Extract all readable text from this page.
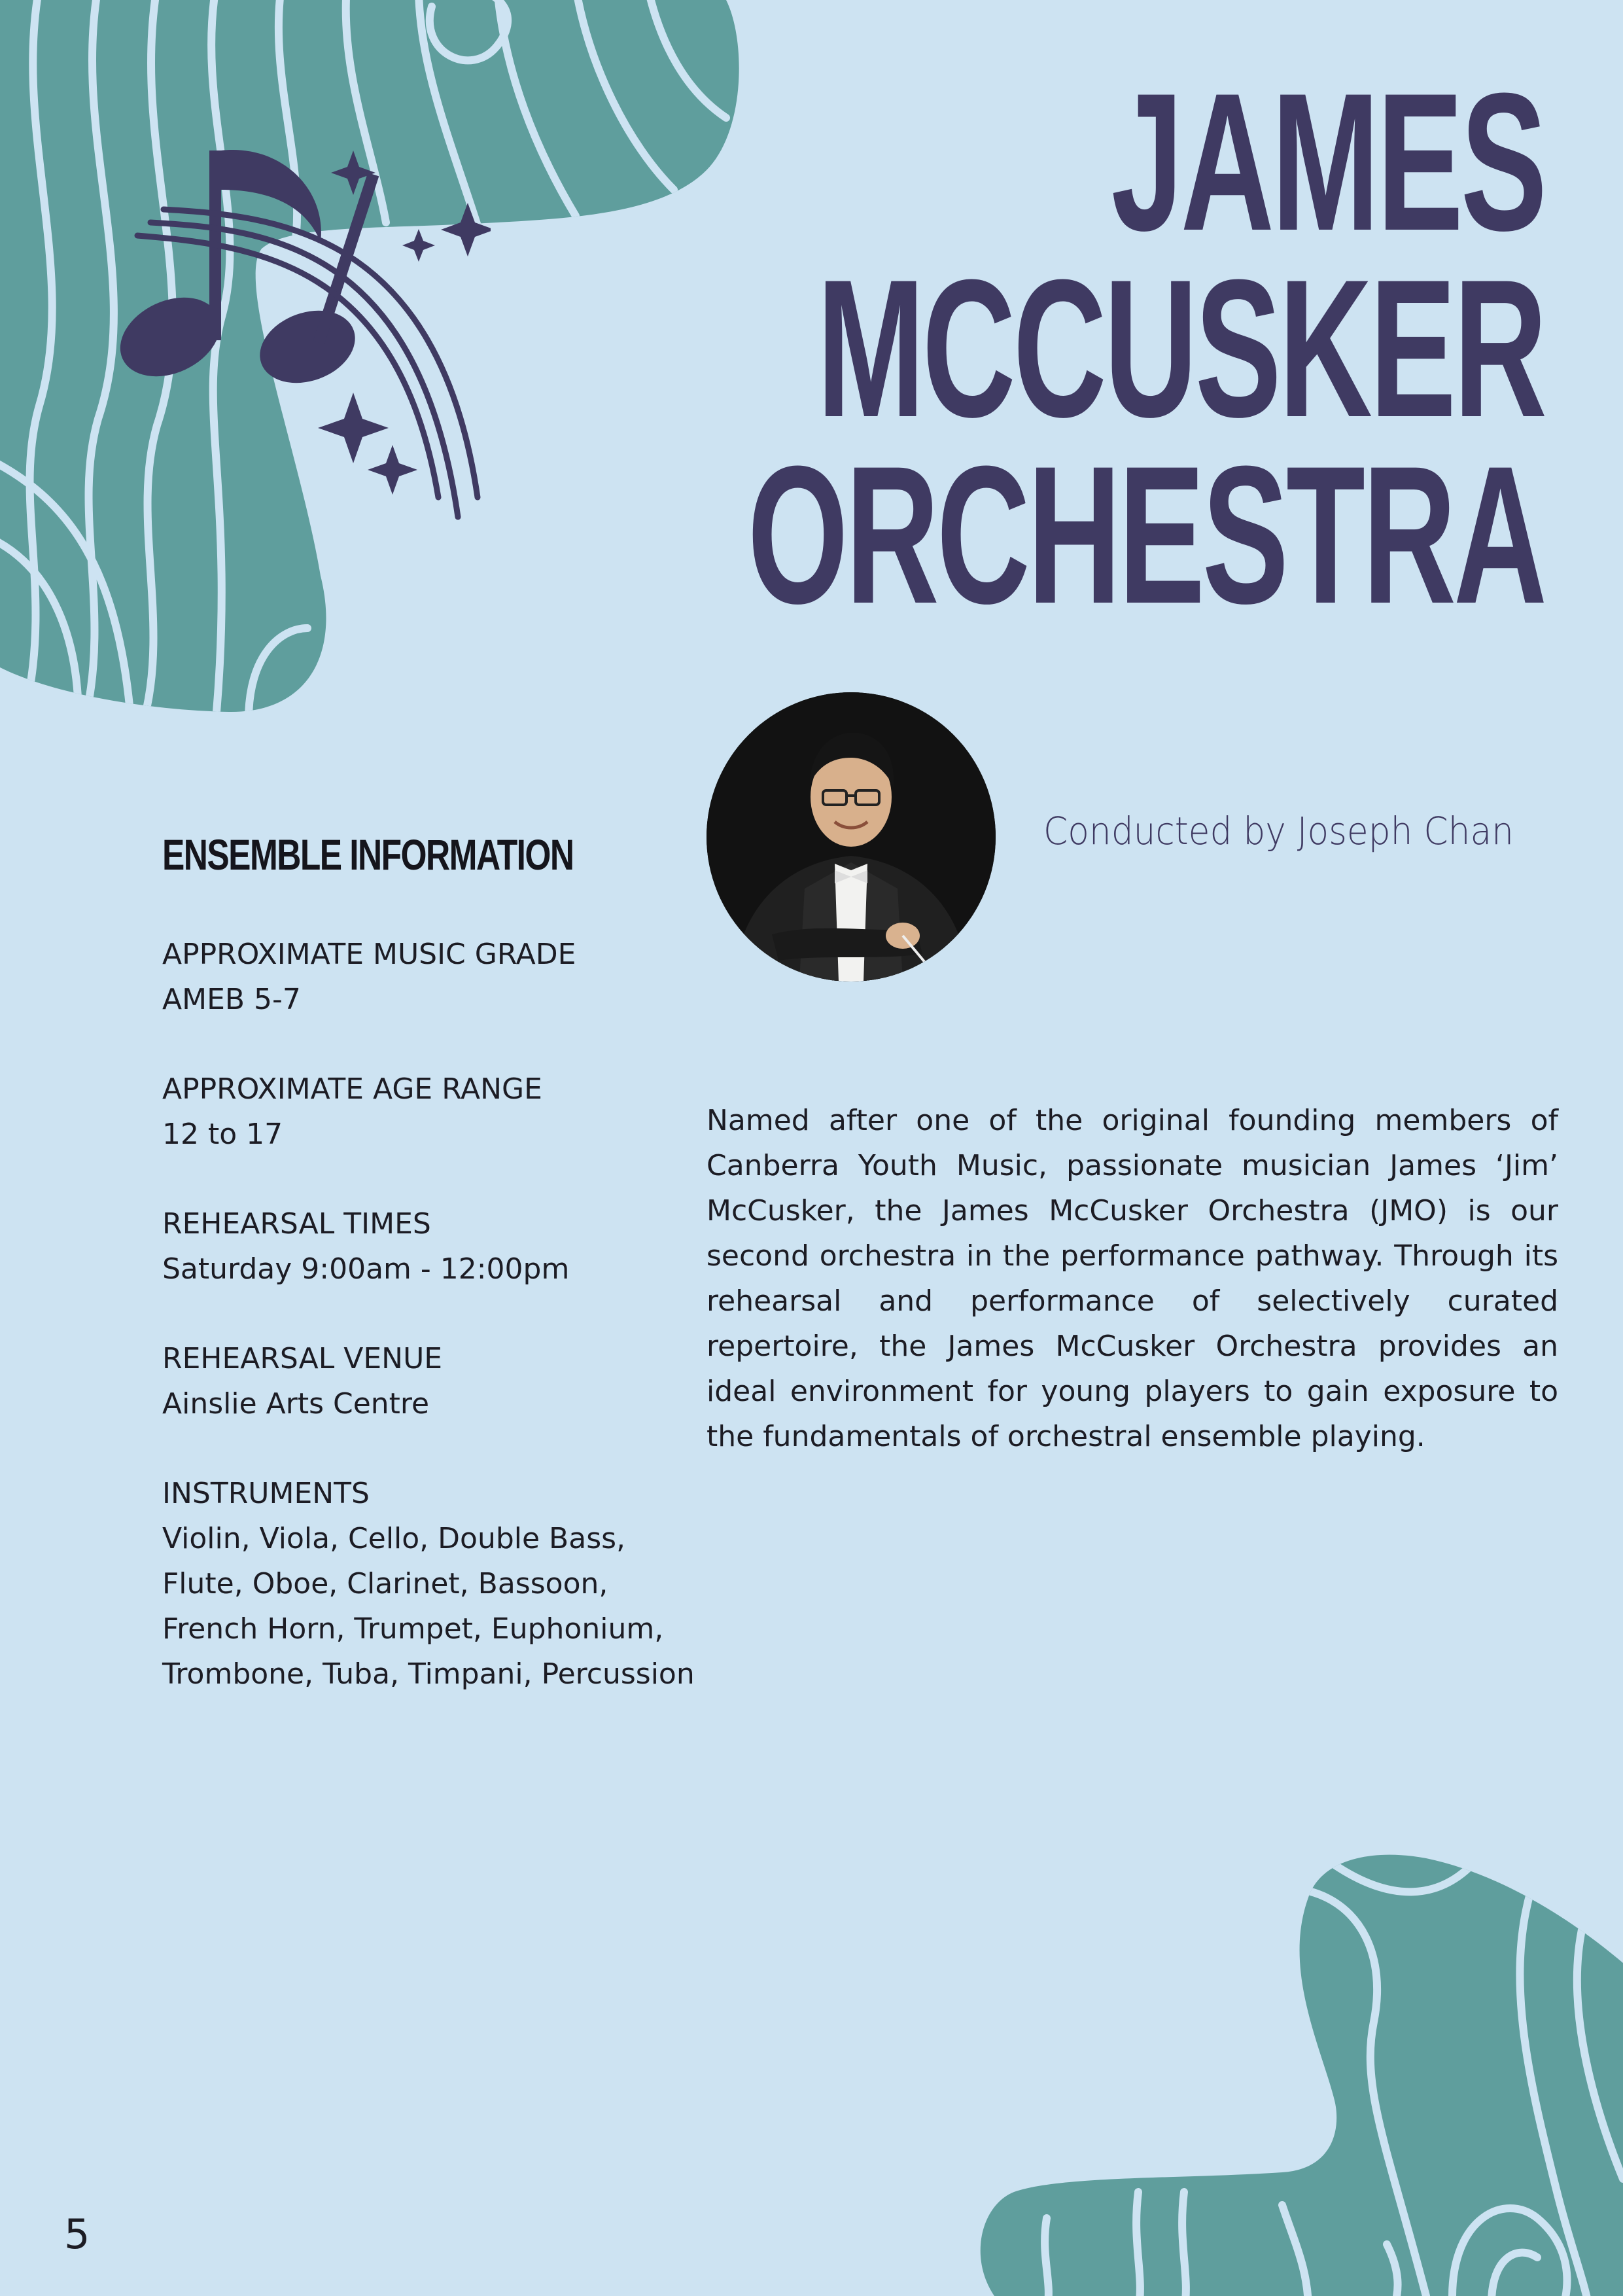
JAMES
MCCUSKER
ORCHESTRA
Conducted by Joseph Chan
ENSEMBLE INFORMATION
APPROXIMATE MUSIC GRADE
AMEB 5-7
APPROXIMATE AGE RANGE
12 to 17
REHEARSAL TIMES
Saturday 9:00am - 12:00pm
REHEARSAL VENUE
Ainslie Arts Centre
INSTRUMENTS
Violin, Viola, Cello, Double Bass, Flute, Oboe, Clarinet, Bassoon, French Horn, Trumpet, Euphonium, Trombone, Tuba, Timpani, Percussion

Named after one of the original founding members of Canberra Youth Music, passionate musician James ‘Jim’ McCusker, the James McCusker Orchestra (JMO) is our second orchestra in the performance pathway. Through its rehearsal and performance of selectively curated repertoire, the James McCusker Orchestra provides an ideal environment for young players to gain exposure to the fundamentals of orchestral ensemble playing.

5
